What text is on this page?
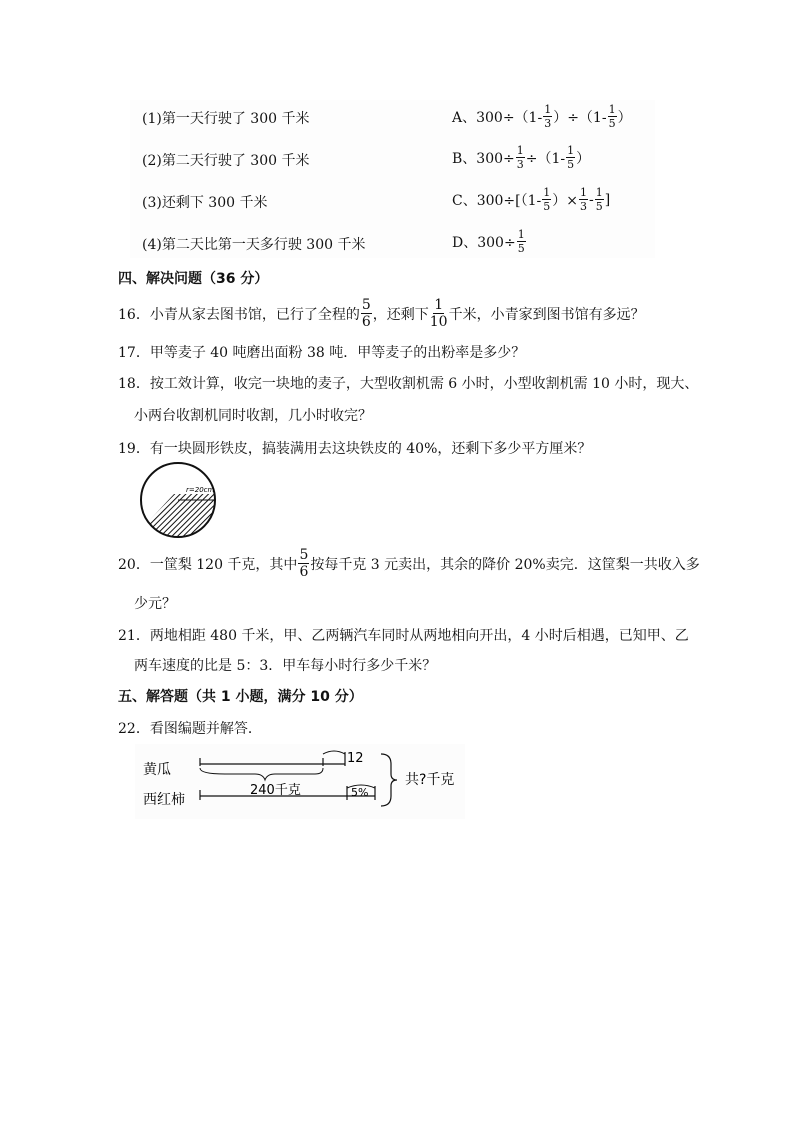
(1)第一天行驶了 300 千米
(2)第二天行驶了 300 千米
(3)还剩下 300 千米
(4)第二天比第一天多行驶 300 千米
A、$300\div(1- \frac{1}{3} )\div(1- \frac{1}{5}$ ）
B、$300\div \frac{1}{3} \div(1- \frac{1}{5}$ ）
C、$300\div[(1- \frac{1}{5}$ ）× $\frac{1}{3} - \frac{1}{5}$ ]
D、$300\div \frac{1}{5}$
四、解决问题（36 分）
16．小青从家去图书馆，已行了全程的 $\frac{5}{6}$ ，还剩下 $\frac{1}{10}$ 千米，小青家到图书馆有多远？
17．甲等麦子 40 吨磨出面粉 38 吨．甲等麦子的出粉率是多少？
18．按工效计算，收完一块地的麦子，大型收割机需 6 小时，小型收割机需 10 小时，现大、
小两台收割机同时收割，几小时收完？
19．有一块圆形铁皮，搞装满用去这块铁皮的 40%，还剩下多少平方厘米？
r=20cm
20．一筐梨 120 千克，其中 $\frac{5}{6}$ 按每千克 3 元卖出，其余的降价 20%卖完．这筐梨一共收入多
少元？
21．两地相距 480 千米，甲、乙两辆汽车同时从两地相向开出，4 小时后相遇，已知甲、乙
两车速度的比是 5：3．甲车每小时行多少千米？
五、解答题（共 1 小题，满分 10 分）
22．看图编题并解答．
黄瓜
西红柿
12
240千克	5%
共?千克
